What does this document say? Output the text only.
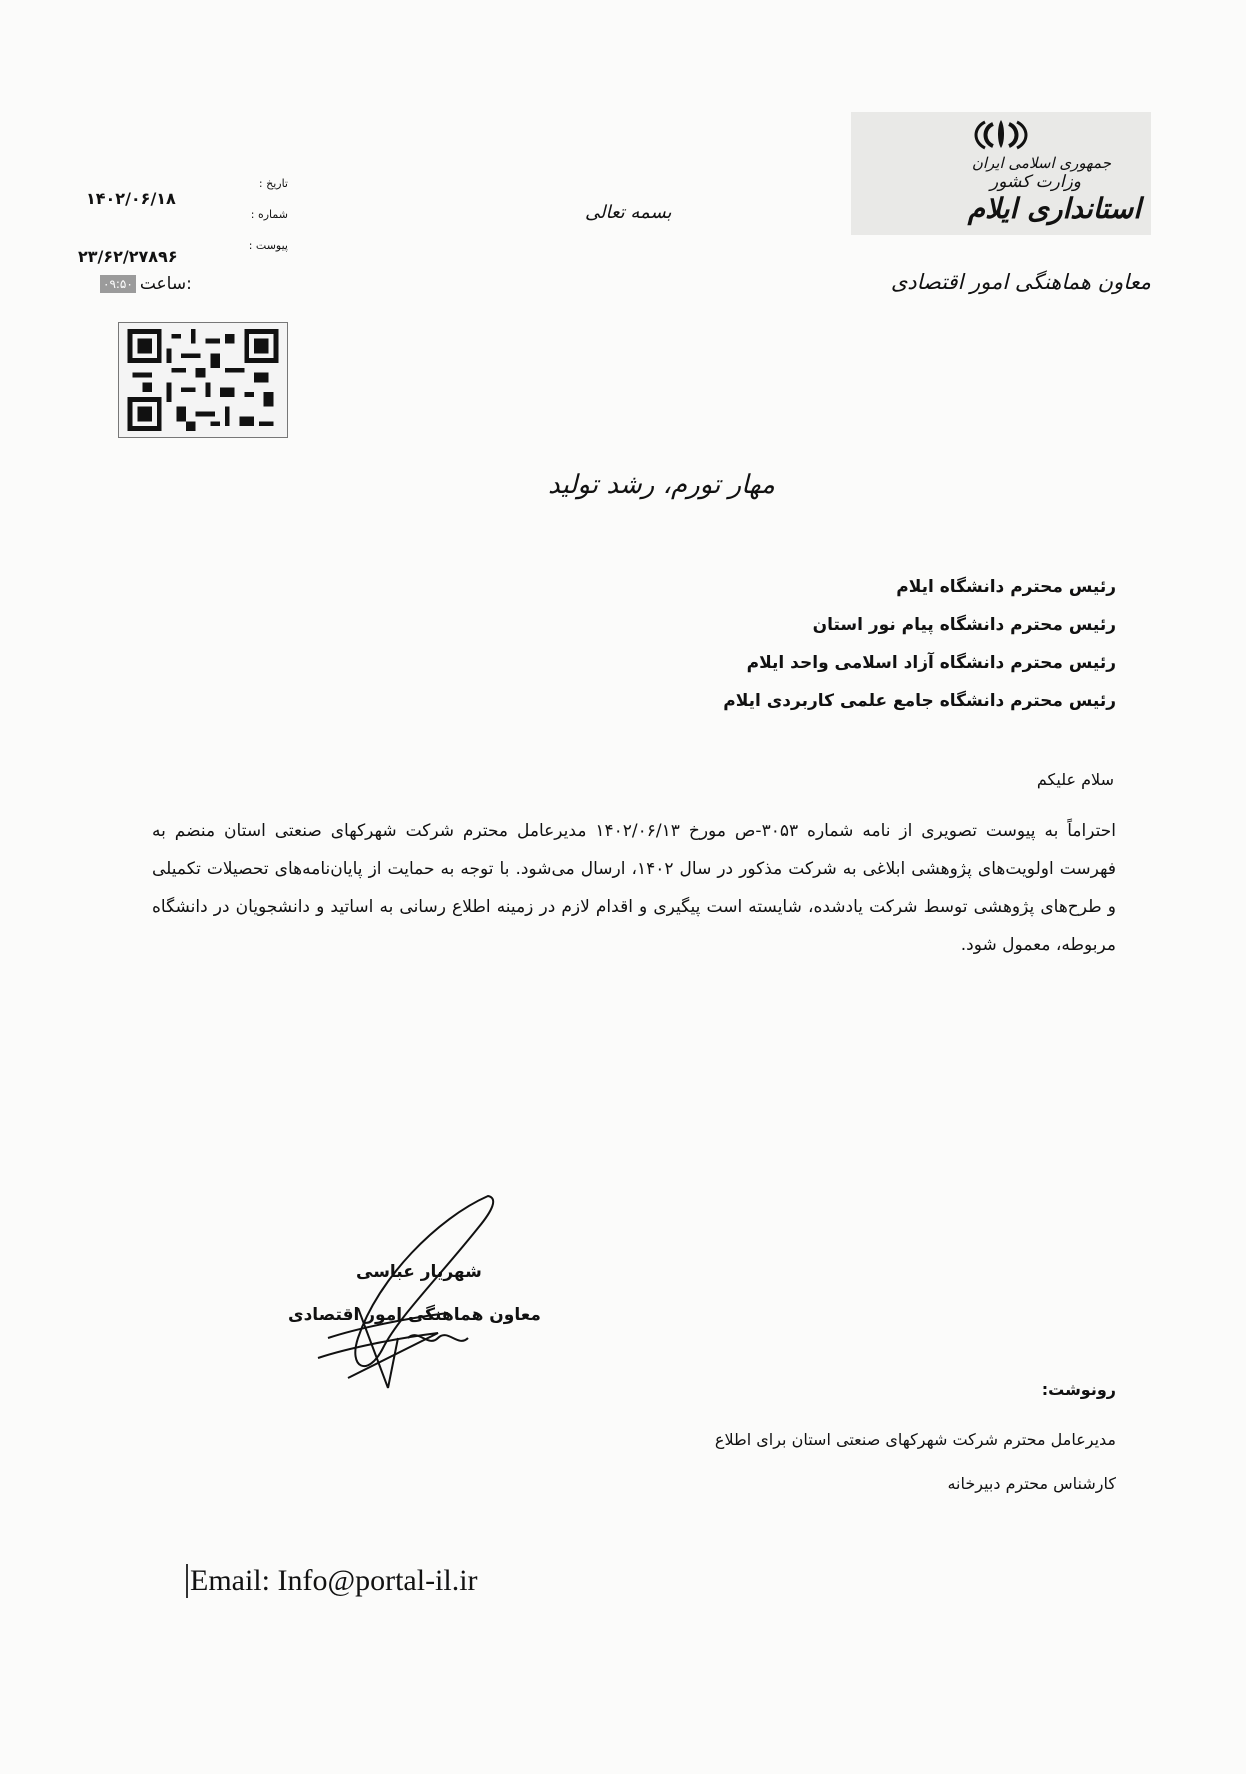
جمهوری اسلامی ایران
وزارت کشور
استانداری ایلام
معاون هماهنگی امور اقتصادی
بسمه تعالی
تاریخ :
شماره :
پیوست :
۱۴۰۲/۰۶/۱۸
۲۳/۶۲/۲۷۸۹۶
۰۹:۵۰ ساعت:
مهار تورم، رشد تولید
رئیس محترم دانشگاه ایلام
رئیس محترم دانشگاه پیام نور استان
رئیس محترم دانشگاه آزاد اسلامی واحد ایلام
رئیس محترم دانشگاه جامع علمی کاربردی ایلام
سلام علیکم
احتراماً به پیوست تصویری از نامه شماره ۳۰۵۳-ص مورخ ۱۴۰۲/۰۶/۱۳ مدیرعامل محترم شرکت شهرکهای صنعتی استان منضم به فهرست اولویت‌های پژوهشی ابلاغی به شرکت مذکور در سال ۱۴۰۲، ارسال می‌شود. با توجه به حمایت از پایان‌نامه‌های تحصیلات تکمیلی و طرح‌های پژوهشی توسط شرکت یادشده، شایسته است پیگیری و اقدام لازم در زمینه اطلاع رسانی به اساتید و دانشجویان در دانشگاه مربوطه، معمول شود.
شهریار عباسی
معاون هماهنگی امور اقتصادی
رونوشت:
مدیرعامل محترم شرکت شهرکهای صنعتی استان برای اطلاع
کارشناس محترم دبیرخانه
Email: Info@portal-il.ir
